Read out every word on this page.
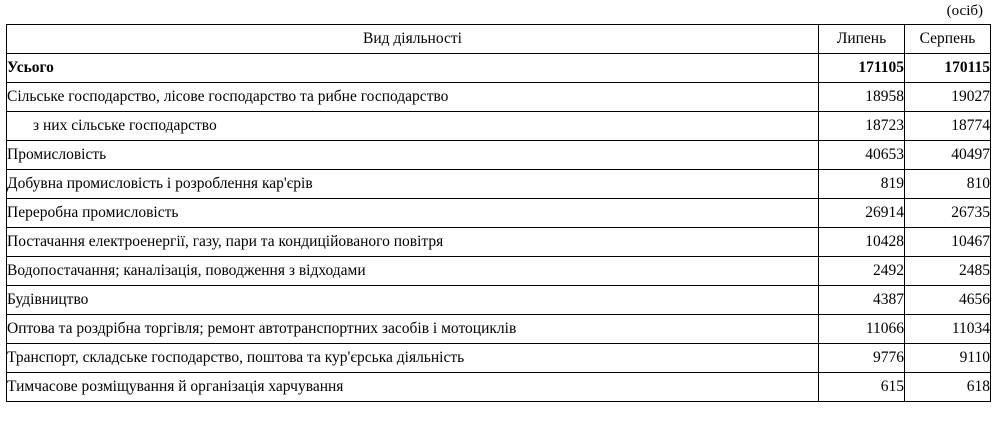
(осіб)
Вид діяльності	Липень	Серпень
Усього	171105	170115
Сільське господарство, лісове господарство та рибне господарство	18958	19027
з них сільське господарство	18723	18774
Промисловість	40653	40497
Добувна промисловість і розроблення кар'єрів	819	810
Переробна промисловість	26914	26735
Постачання електроенергії, газу, пари та кондиційованого повітря	10428	10467
Водопостачання; каналізація, поводження з відходами	2492	2485
Будівництво	4387	4656
Оптова та роздрібна торгівля; ремонт автотранспортних засобів і мотоциклів	11066	11034
Транспорт, складське господарство, поштова та кур'єрська діяльність	9776	9110
Тимчасове розміщування й організація харчування	615	618
